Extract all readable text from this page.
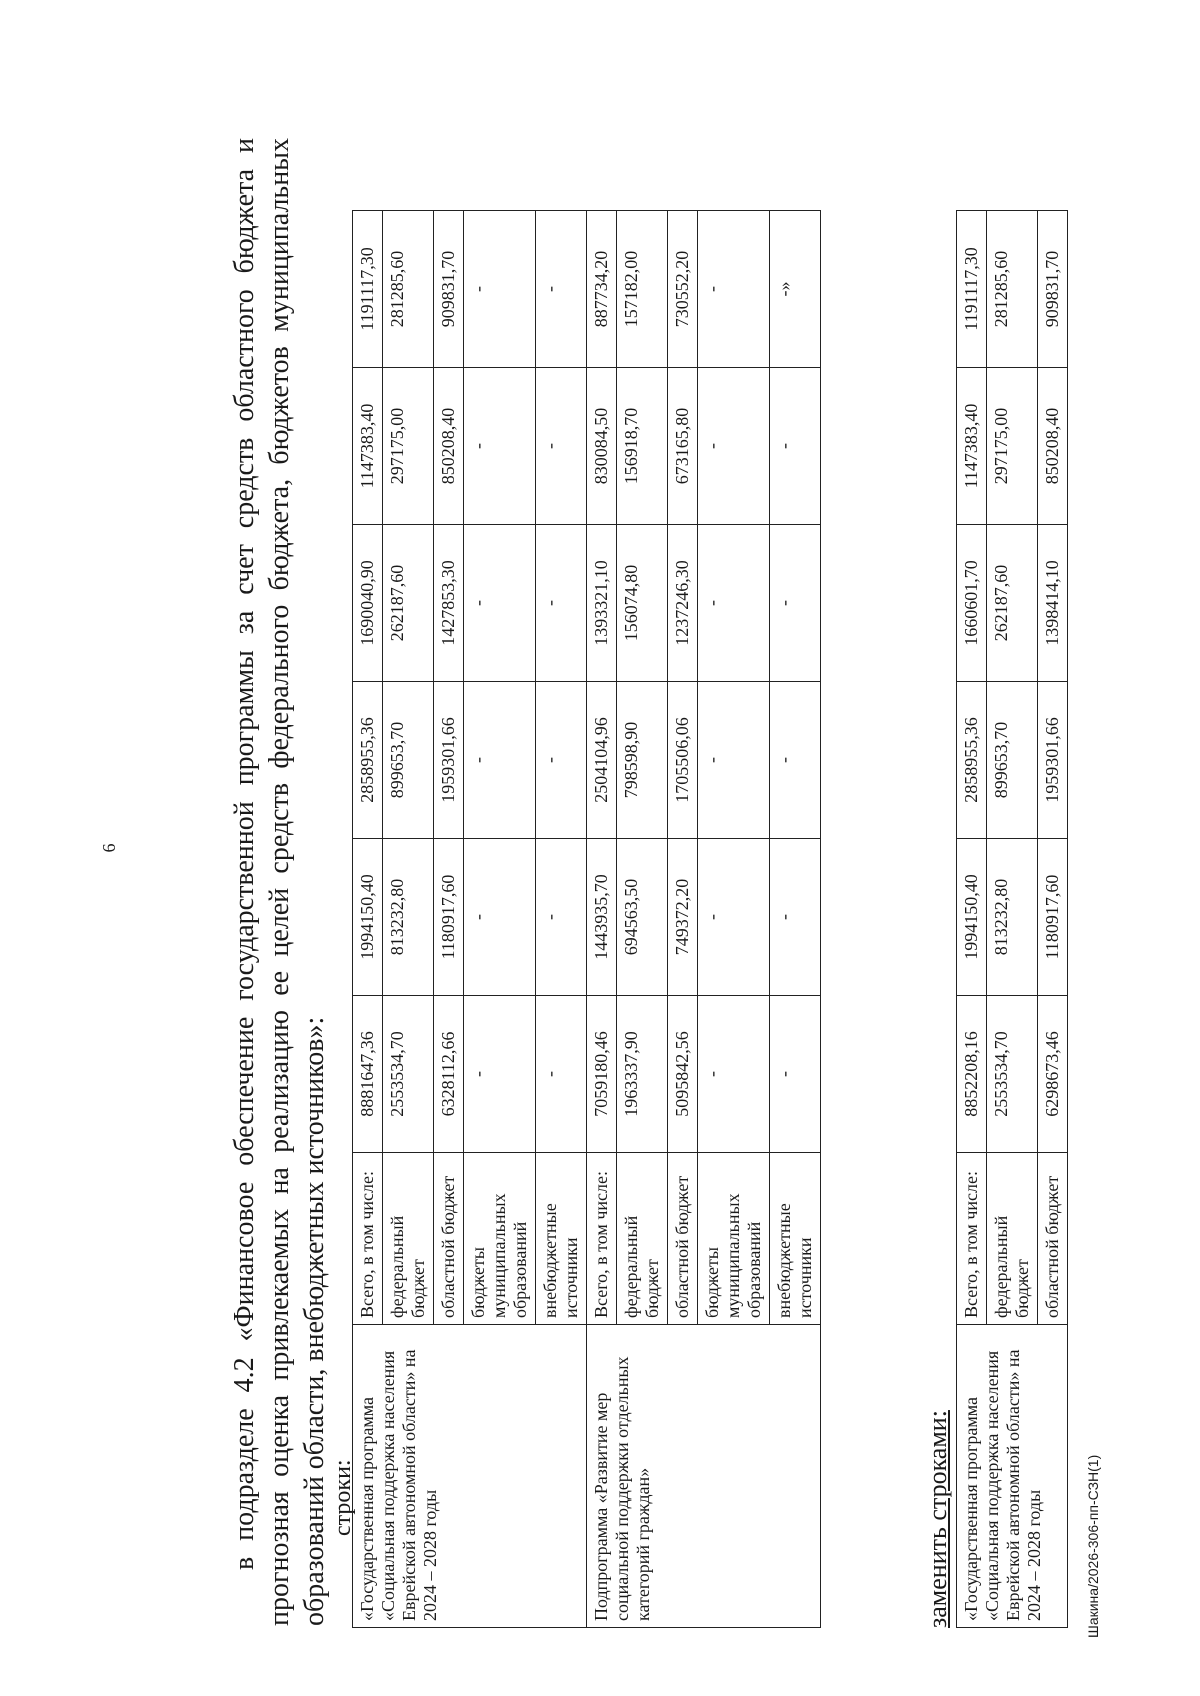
6	в подразделе 4.2 «Финансовое обеспечение государственной программы за счет средств областного бюджета и прогнозная оценка привлекаемых на реализацию ее целей средств федерального бюджета, бюджетов муниципальных образований области, внебюджетных источников»: строки: «Государственная программа «Социальная поддержка населения Еврейской автономной области» на 2024 – 2028 годы	Всего, в том числе:	8881647,36	1994150,40	2858955,36	1690040,90	1147383,40	1191117,30
	федеральный бюджет	2553534,70	813232,80	899653,70	262187,60	297175,00	281285,60
	областной бюджет	6328112,66	1180917,60	1959301,66	1427853,30	850208,40	909831,70
	бюджеты муниципальных образований	-	-	-	-	-	-
	внебюджетные источники	-	-	-	-	-	-
Подпрограмма «Развитие мер социальной поддержки отдельных категорий граждан»	Всего, в том числе:	7059180,46	1443935,70	2504104,96	1393321,10	830084,50	887734,20
	федеральный бюджет	1963337,90	694563,50	798598,90	156074,80	156918,70	157182,00
	областной бюджет	5095842,56	749372,20	1705506,06	1237246,30	673165,80	730552,20
	бюджеты муниципальных образований	-	-	-	-	-	-
	внебюджетные источники	-	-	-	-	-	-»
заменить строками: «Государственная программа «Социальная поддержка населения Еврейской автономной области» на 2024 – 2028 годы	Всего, в том числе:	8852208,16	1994150,40	2858955,36	1660601,70	1147383,40	1191117,30
	федеральный бюджет	2553534,70	813232,80	899653,70	262187,60	297175,00	281285,60
	областной бюджет	6298673,46	1180917,60	1959301,66	1398414,10	850208,40	909831,70
Шакина/2026-306-пп-СЗН(1)
